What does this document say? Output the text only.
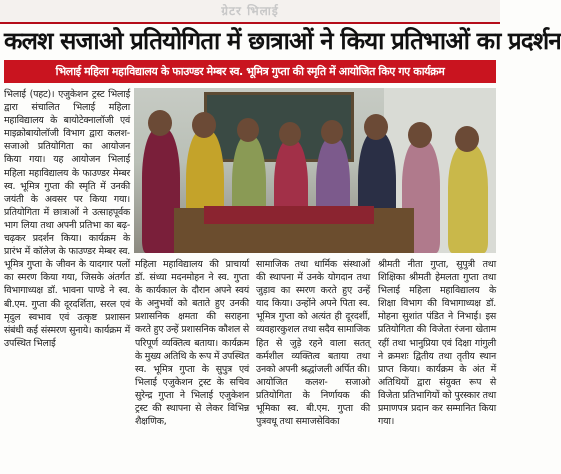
ग्रेटर भिलाई
कलश सजाओ प्रतियोगिता में छात्राओं ने किया प्रतिभाओं का प्रदर्शन
भिलाई महिला महाविद्यालय के फाउण्डर मेम्बर स्व. भूमित्र गुप्ता की स्मृति में आयोजित किए गए कार्यक्रम
भिलाई (पहट)। एजुकेशन ट्रस्ट भिलाई द्वारा संचालित भिलाई महिला महाविद्यालय के बायोटेक्नालॉजी एवं माइक्रोबायोलॉजी विभाग द्वारा कलश- सजाओ प्रतियोगिता का आयोजन किया गया। यह आयोजन भिलाई महिला महाविद्यालय के फाउण्डर मेम्बर स्व. भूमित्र गुप्ता की स्मृति में उनकी जयंती के अवसर पर किया गया। प्रतियोगिता में छात्राओं ने उत्साहपूर्वक भाग लिया तथा अपनी प्रतिभा का बढ़-चढ़कर प्रदर्शन किया। कार्यक्रम के प्रारंभ में कॉलेज के फाउण्डर मेम्बर स्व. भूमित्र गुप्ता के जीवन के यादगार पलों का स्मरण किया गया, जिसके अंतर्गत विभागाध्यक्ष डॉ. भावना पाण्डे ने स्व. बी.एम. गुप्ता की दूरदर्शिता, सरल एवं मृदुल स्वभाव एवं उत्कृष्ट प्रशासन संबंधी कई संस्मरण सुनाये। कार्यक्रम में उपस्थित भिलाई
महिला महाविद्यालय की प्राचार्या डॉ. संध्या मदनमोहन ने स्व. गुप्ता के कार्यकाल के दौरान अपने स्वयं के अनुभवों को बताते हुए उनकी प्रशासनिक क्षमता की सराहना करते हुए उन्हें प्रशासनिक कौशल से परिपूर्ण व्यक्तित्व बताया। कार्यक्रम के मुख्य अतिथि के रूप में उपस्थित स्व. भूमित्र गुप्ता के सुपुत्र एवं भिलाई एजुकेशन ट्रस्ट के सचिव सुरेन्द्र गुप्ता ने भिलाई एजुकेशन ट्रस्ट की स्थापना से लेकर विभिन्न शैक्षणिक,
सामाजिक तथा धार्मिक संस्थाओं की स्थापना में उनके योगदान तथा जुड़ाव का स्मरण करते हुए उन्हें याद किया। उन्होंने अपने पिता स्व. भूमित्र गुप्ता को अत्यंत ही दूरदर्शी, व्यवहारकुशल तथा सदैव सामाजिक हित से जुड़े रहने वाला सतत् कर्मशील व्यक्तित्व बताया तथा उनको अपनी श्रद्धांजली अर्पित की। आयोजित कलश- सजाओ प्रतियोगिता के निर्णायक की भूमिका स्व. बी.एम. गुप्ता की पुत्रवधू तथा समाजसेविका
श्रीमती नीता गुप्ता, सुपुत्री तथा शिक्षिका श्रीमती हेमलता गुप्ता तथा भिलाई महिला महाविद्यालय के शिक्षा विभाग की विभागाध्यक्ष डॉ. मोहना सुशांत पंडित ने निभाई। इस प्रतियोगिता की विजेता रंजना खेताम रहीं तथा भानुप्रिया एवं दिक्षा गांगुली ने क्रमशः द्वितीय तथा तृतीय स्थान प्राप्त किया। कार्यक्रम के अंत में अतिथियों द्वारा संयुक्त रूप से विजेता प्रतिभागियों को पुरस्कार तथा प्रमाणपत्र प्रदान कर सम्मानित किया गया।
